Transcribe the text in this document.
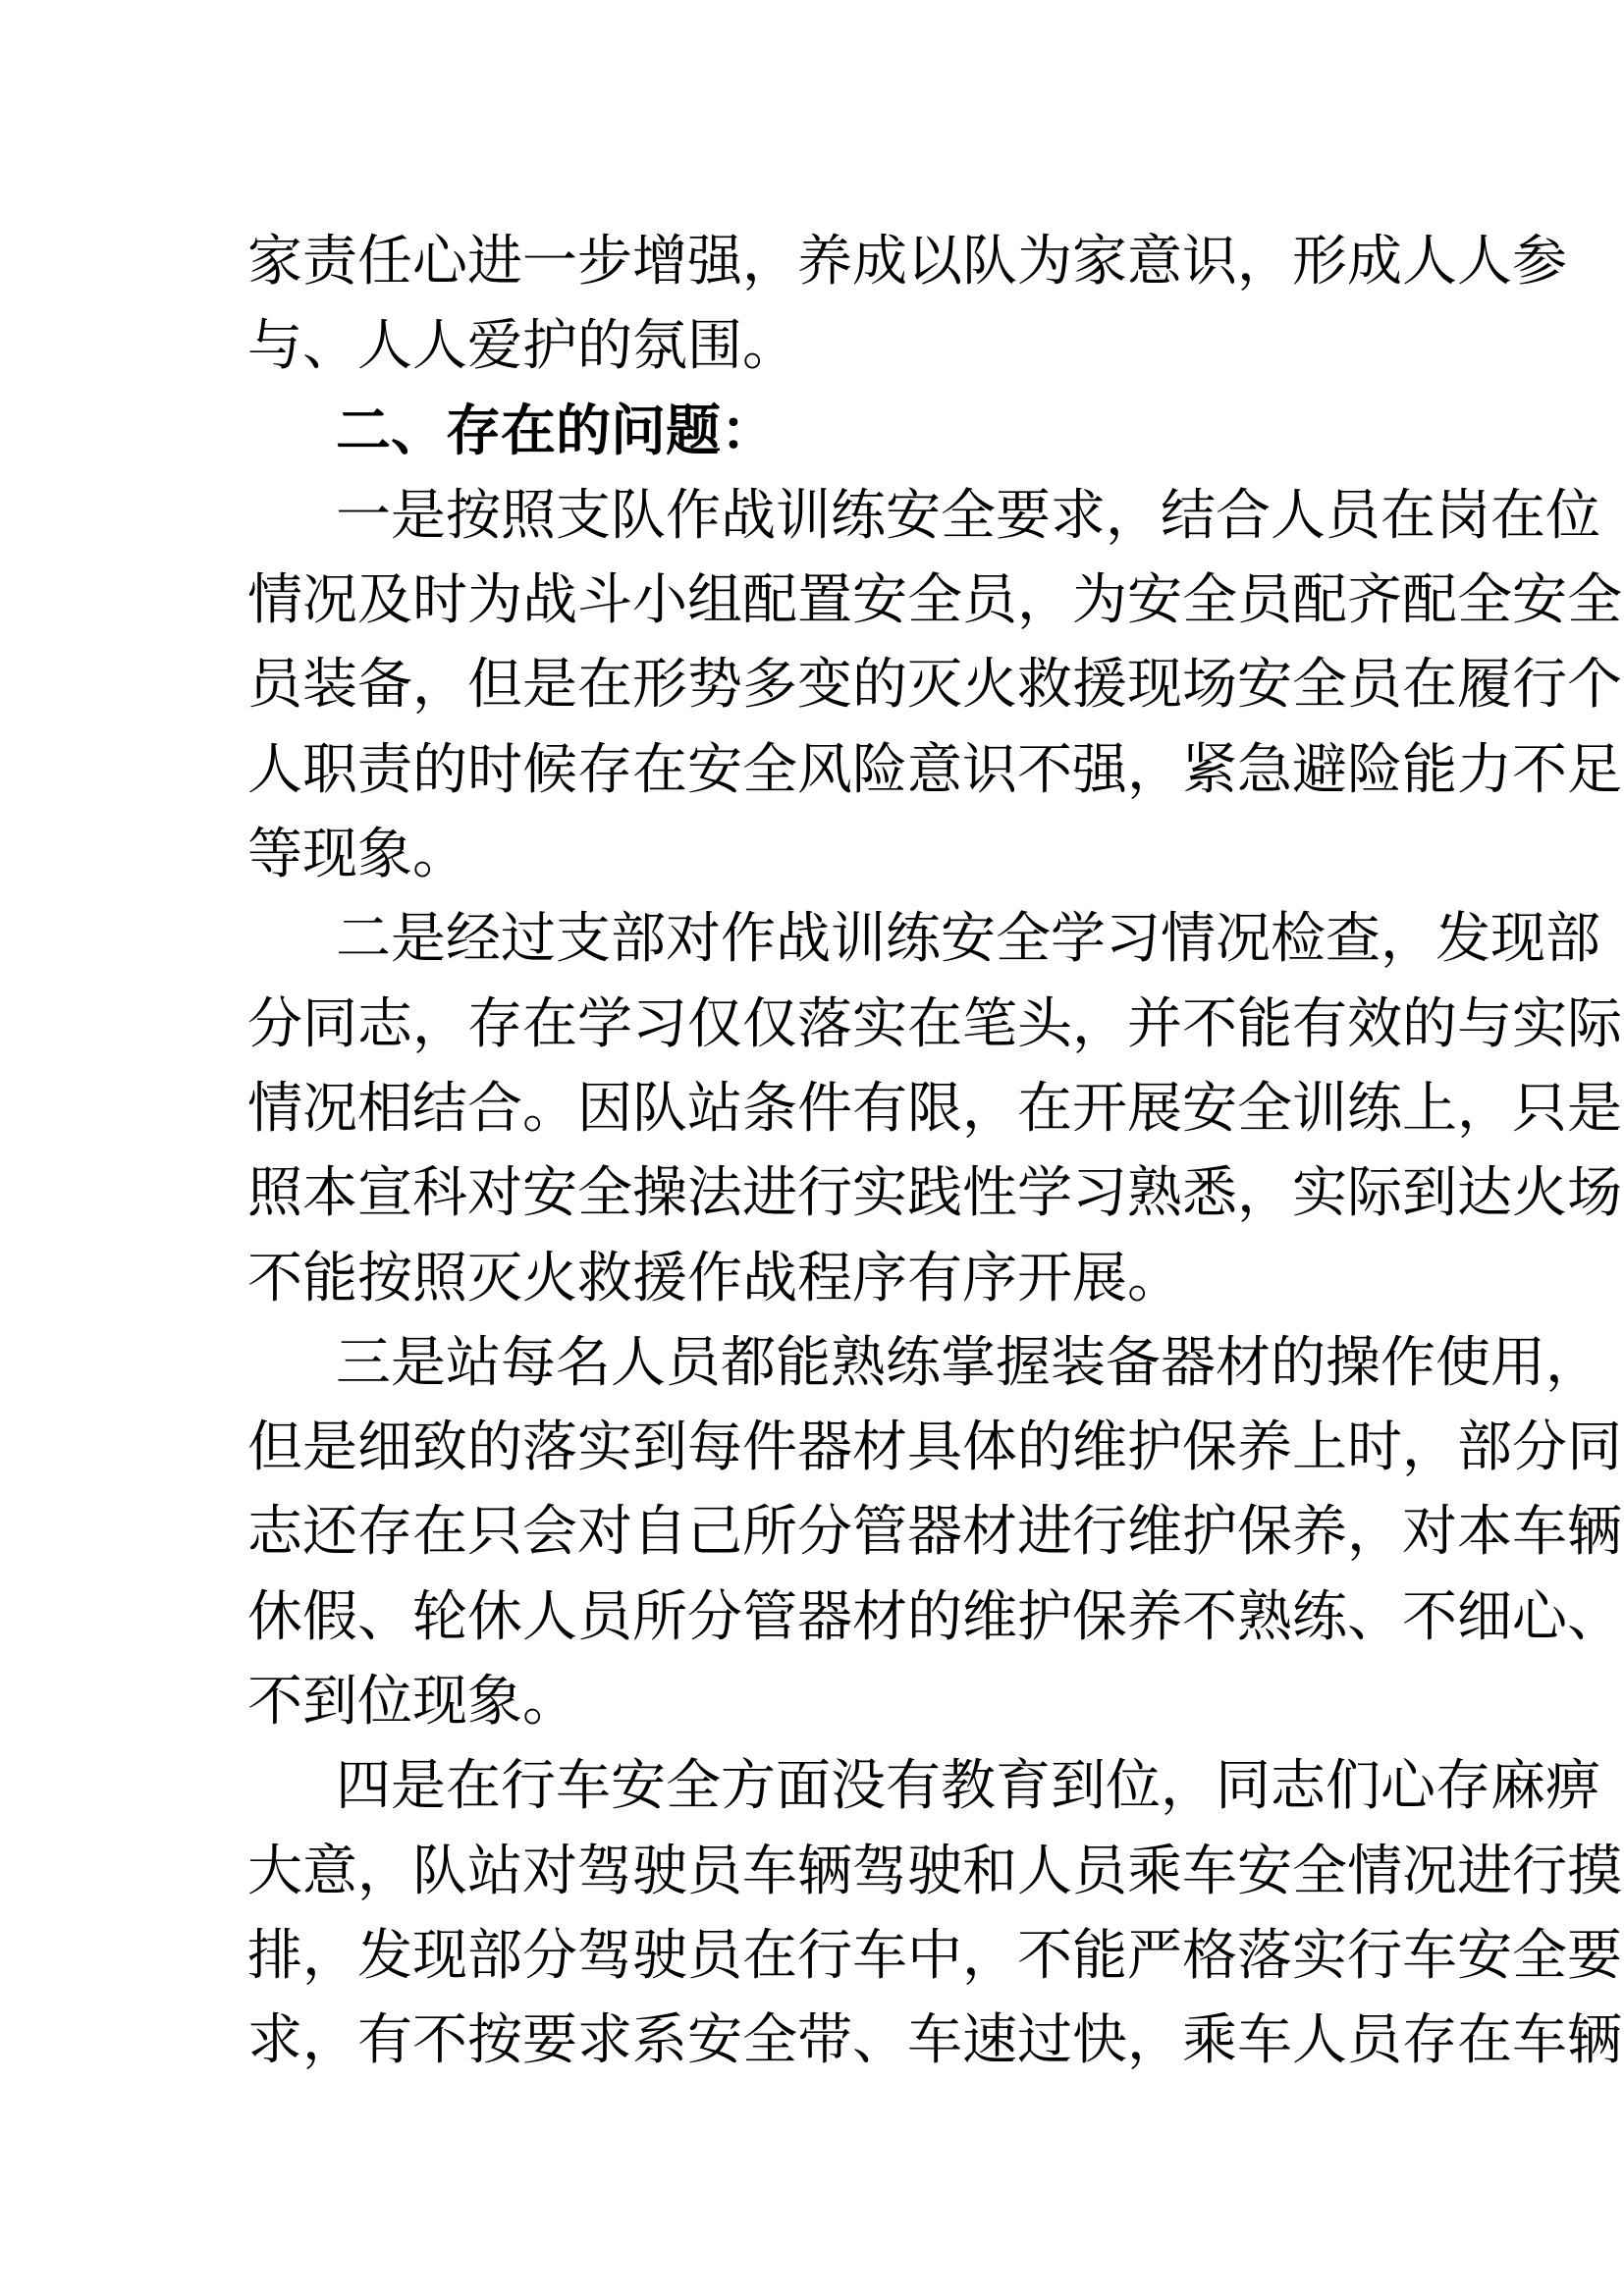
家责任心进一步增强，养成以队为家意识，形成人人参
与、人人爱护的氛围。
二、存在的问题：
一是按照支队作战训练安全要求，结合人员在岗在位
情况及时为战斗小组配置安全员，为安全员配齐配全安全
员装备，但是在形势多变的灭火救援现场安全员在履行个
人职责的时候存在安全风险意识不强，紧急避险能力不足
等现象。
二是经过支部对作战训练安全学习情况检查，发现部
分同志，存在学习仅仅落实在笔头，并不能有效的与实际
情况相结合。因队站条件有限，在开展安全训练上，只是
照本宣科对安全操法进行实践性学习熟悉，实际到达火场
不能按照灭火救援作战程序有序开展。
三是站每名人员都能熟练掌握装备器材的操作使用，
但是细致的落实到每件器材具体的维护保养上时，部分同
志还存在只会对自己所分管器材进行维护保养，对本车辆
休假、轮休人员所分管器材的维护保养不熟练、不细心、
不到位现象。
四是在行车安全方面没有教育到位，同志们心存麻痹
大意，队站对驾驶员车辆驾驶和人员乘车安全情况进行摸
排，发现部分驾驶员在行车中，不能严格落实行车安全要
求，有不按要求系安全带、车速过快，乘车人员存在车辆
